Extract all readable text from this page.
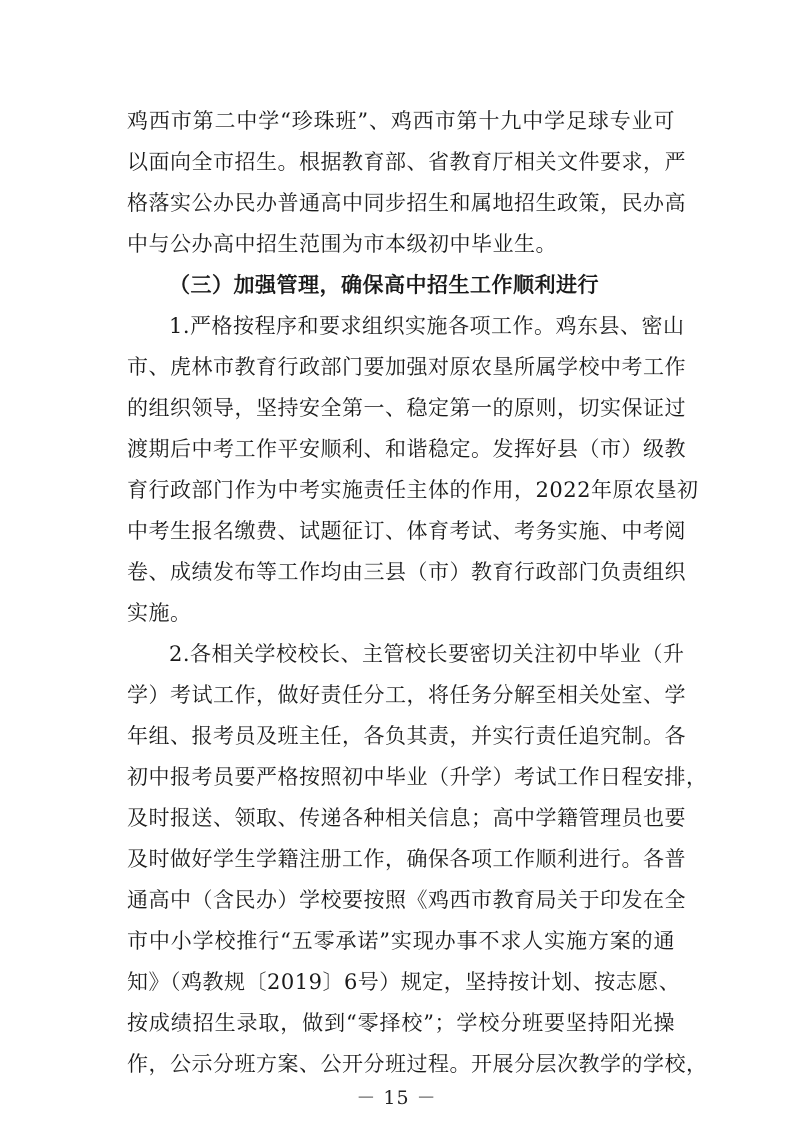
鸡西市第二中学“珍珠班”、鸡西市第十九中学足球专业可
以面向全市招生。根据教育部、省教育厅相关文件要求，严
格落实公办民办普通高中同步招生和属地招生政策，民办高
中与公办高中招生范围为市本级初中毕业生。
（三）加强管理，确保高中招生工作顺利进行
1.严格按程序和要求组织实施各项工作。鸡东县、密山
市、虎林市教育行政部门要加强对原农垦所属学校中考工作
的组织领导，坚持安全第一、稳定第一的原则，切实保证过
渡期后中考工作平安顺利、和谐稳定。发挥好县（市）级教
育行政部门作为中考实施责任主体的作用，2022年原农垦初
中考生报名缴费、试题征订、体育考试、考务实施、中考阅
卷、成绩发布等工作均由三县（市）教育行政部门负责组织
实施。
2.各相关学校校长、主管校长要密切关注初中毕业（升
学）考试工作，做好责任分工，将任务分解至相关处室、学
年组、报考员及班主任，各负其责，并实行责任追究制。各
初中报考员要严格按照初中毕业（升学）考试工作日程安排，
及时报送、领取、传递各种相关信息；高中学籍管理员也要
及时做好学生学籍注册工作，确保各项工作顺利进行。各普
通高中（含民办）学校要按照《鸡西市教育局关于印发在全
市中小学校推行“五零承诺”实现办事不求人实施方案的通
知》（鸡教规〔2019〕6号）规定，坚持按计划、按志愿、
按成绩招生录取，做到“零择校”；学校分班要坚持阳光操
作，公示分班方案、公开分班过程。开展分层次教学的学校，
－ 15 －
